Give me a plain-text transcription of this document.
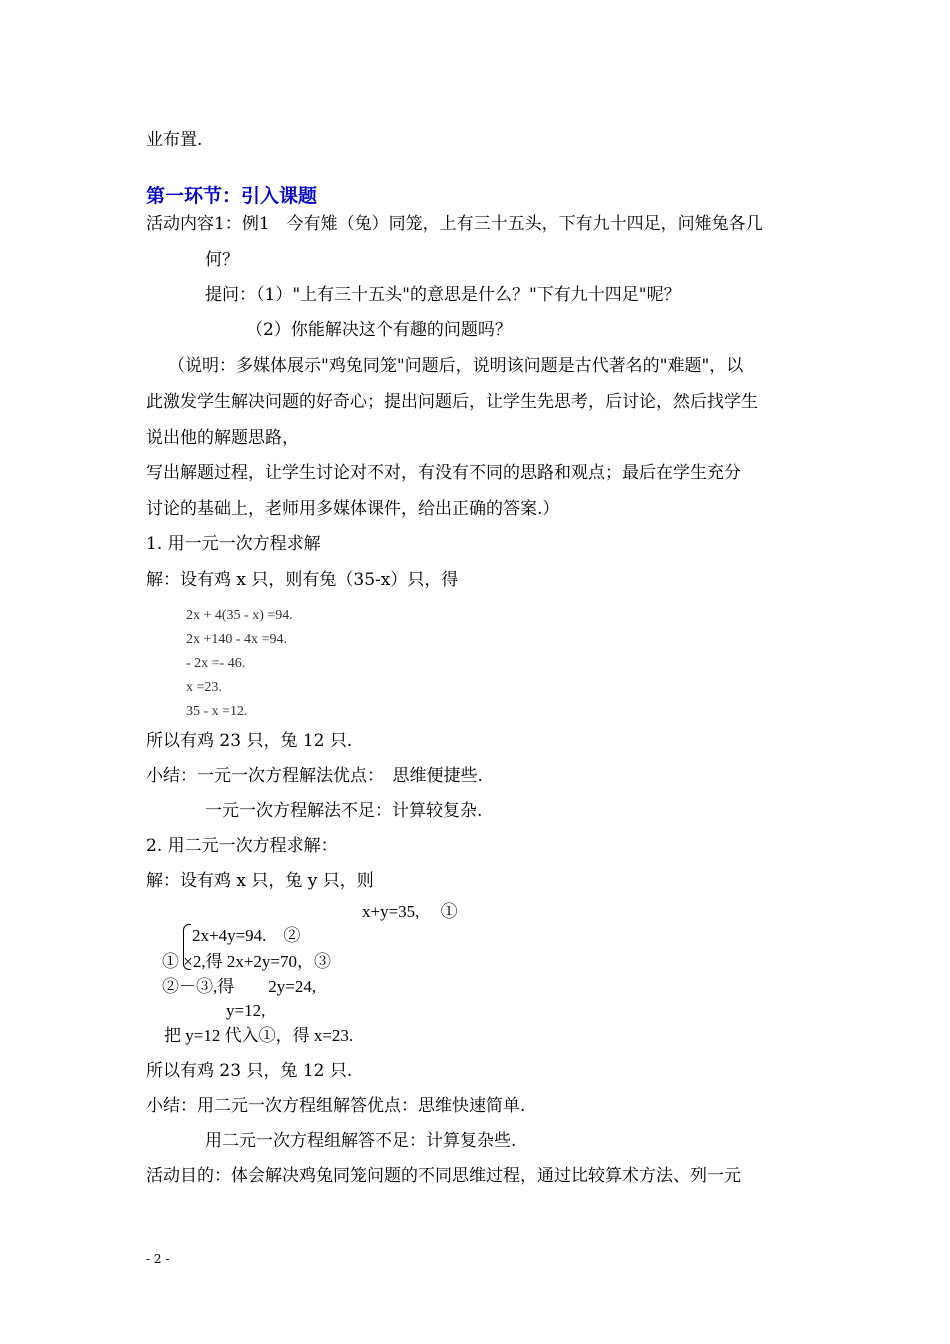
业布置.
第一环节：引入课题
活动内容1：例1　今有雉（兔）同笼，上有三十五头，下有九十四足，问雉兔各几
何？
提问：（1）"上有三十五头"的意思是什么？"下有九十四足"呢？
（2）你能解决这个有趣的问题吗？
（说明：多媒体展示"鸡兔同笼"问题后，说明该问题是古代著名的"难题"，以
此激发学生解决问题的好奇心；提出问题后，让学生先思考，后讨论，然后找学生
说出他的解题思路，
写出解题过程，让学生讨论对不对，有没有不同的思路和观点；最后在学生充分
讨论的基础上，老师用多媒体课件，给出正确的答案.）
1. 用一元一次方程求解
解：设有鸡 x 只，则有兔（35-x）只，得
2x + 4(35 - x) =94.
2x +140 - 4x =94.
- 2x =- 46.
x =23.
35 - x =12.
所以有鸡 23 只，兔 12 只.
小结：一元一次方程解法优点：　思维便捷些.
一元一次方程解法不足：计算较复杂.
2. 用二元一次方程求解：
解：设有鸡 x 只，兔 y 只，则
x+y=35,　 ①
2x+4y=94.　②
① ×2,得 2x+2y=70，③
②－③,得　　2y=24,
y=12,
把 y=12 代入①，得 x=23.
所以有鸡 23 只，兔 12 只.
小结：用二元一次方程组解答优点：思维快速简单.
用二元一次方程组解答不足：计算复杂些.
活动目的：体会解决鸡兔同笼问题的不同思维过程，通过比较算术方法、列一元
- 2 -
